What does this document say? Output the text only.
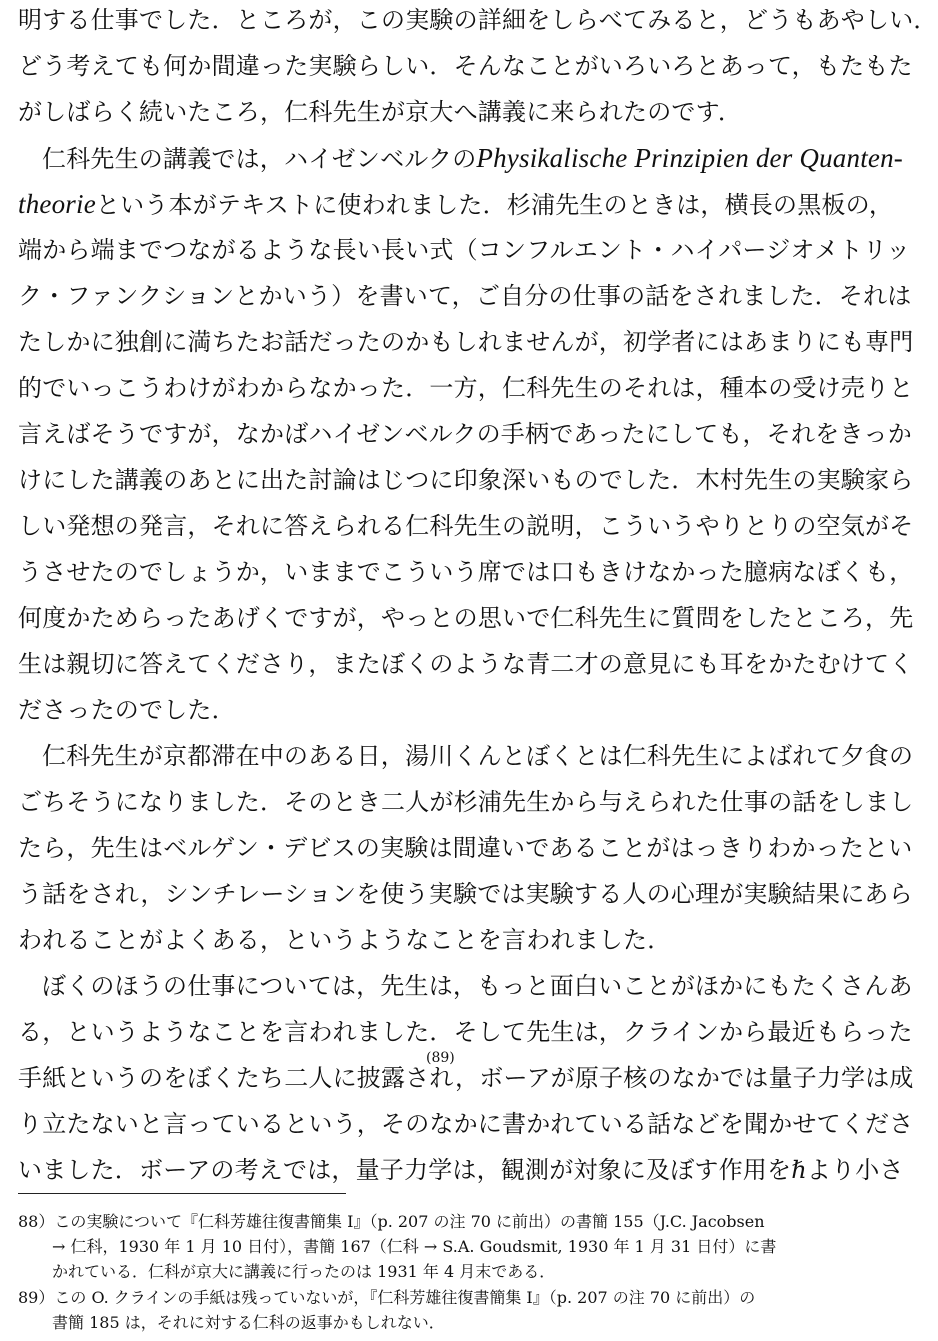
明する仕事でした．ところが，この実験の詳細をしらべてみると，どうもあやしい．
どう考えても何か間違った実験らしい．そんなことがいろいろとあって，もたもた
がしばらく続いたころ，仁科先生が京大へ講義に来られたのです．
仁科先生の講義では，ハイゼンベルクのPhysikalische Prinzipien der Quanten-
theorieという本がテキストに使われました．杉浦先生のときは，横長の黒板の，
端から端までつながるような長い長い式（コンフルエント・ハイパージオメトリッ
ク・ファンクションとかいう）を書いて，ご自分の仕事の話をされました．それは
たしかに独創に満ちたお話だったのかもしれませんが，初学者にはあまりにも専門
的でいっこうわけがわからなかった．一方，仁科先生のそれは，種本の受け売りと
言えばそうですが，なかばハイゼンベルクの手柄であったにしても，それをきっか
けにした講義のあとに出た討論はじつに印象深いものでした．木村先生の実験家ら
しい発想の発言，それに答えられる仁科先生の説明，こういうやりとりの空気がそ
うさせたのでしょうか，いままでこういう席では口もきけなかった臆病なぼくも，
何度かためらったあげくですが，やっとの思いで仁科先生に質問をしたところ，先
生は親切に答えてくださり，またぼくのような青二才の意見にも耳をかたむけてく
ださったのでした．
仁科先生が京都滞在中のある日，湯川くんとぼくとは仁科先生によばれて夕食の
ごちそうになりました．そのとき二人が杉浦先生から与えられた仕事の話をしまし
たら，先生はベルゲン・デビスの実験は間違いであることがはっきりわかったとい
う話をされ，シンチレーションを使う実験では実験する人の心理が実験結果にあら
われることがよくある，というようなことを言われました．
ぼくのほうの仕事については，先生は，もっと面白いことがほかにもたくさんあ
る，というようなことを言われました．そして先生は，クラインから最近もらった
手紙というのをぼくたち二人に披露され，ボーアが原子核のなかでは量子力学は成
(89)
り立たないと言っているという，そのなかに書かれている話などを聞かせてくださ
いました．ボーアの考えでは，量子力学は，観測が対象に及ぼす作用をℏより小さ
88）この実験について『仁科芳雄往復書簡集 I』（p. 207 の注 70 に前出）の書簡 155（J.C. Jacobsen
→ 仁科，1930 年 1 月 10 日付），書簡 167（仁科 → S.A. Goudsmit, 1930 年 1 月 31 日付）に書
かれている．仁科が京大に講義に行ったのは 1931 年 4 月末である．
89）この O. クラインの手紙は残っていないが，『仁科芳雄往復書簡集 I』（p. 207 の注 70 に前出）の
書簡 185 は，それに対する仁科の返事かもしれない．
